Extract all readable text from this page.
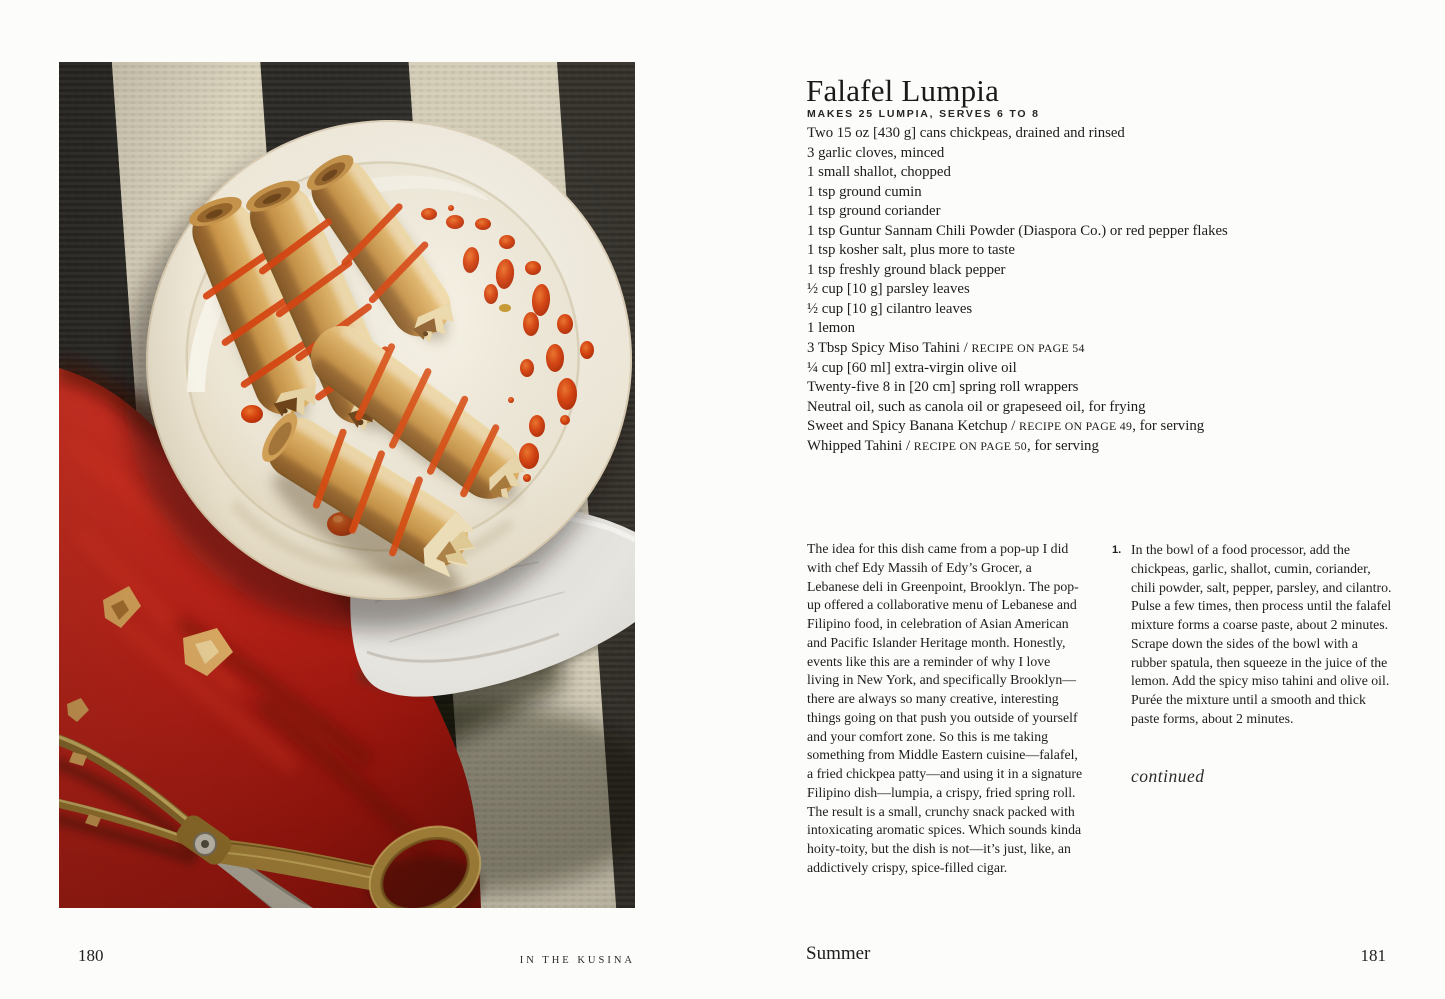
Falafel Lumpia
MAKES 25 LUMPIA, SERVES 6 TO 8
Two 15 oz [430 g] cans chickpeas, drained and rinsed
3 garlic cloves, minced
1 small shallot, chopped
1 tsp ground cumin
1 tsp ground coriander
1 tsp Guntur Sannam Chili Powder (Diaspora Co.) or red pepper flakes
1 tsp kosher salt, plus more to taste
1 tsp freshly ground black pepper
½ cup [10 g] parsley leaves
½ cup [10 g] cilantro leaves
1 lemon
3 Tbsp Spicy Miso Tahini / RECIPE ON PAGE 54
¼ cup [60 ml] extra-virgin olive oil
Twenty-five 8 in [20 cm] spring roll wrappers
Neutral oil, such as canola oil or grapeseed oil, for frying
Sweet and Spicy Banana Ketchup / RECIPE ON PAGE 49, for serving
Whipped Tahini / RECIPE ON PAGE 50, for serving

The idea for this dish came from a pop-up I did with chef Edy Massih of Edy’s Grocer, a Lebanese deli in Greenpoint, Brooklyn. The pop-up offered a collaborative menu of Lebanese and Filipino food, in celebration of Asian American and Pacific Islander Heritage month. Honestly, events like this are a reminder of why I love living in New York, and specifically Brooklyn—there are always so many creative, interesting things going on that push you outside of yourself and your comfort zone. So this is me taking something from Middle Eastern cuisine—falafel, a fried chickpea patty—and using it in a signature Filipino dish—lumpia, a crispy, fried spring roll. The result is a small, crunchy snack packed with intoxicating aromatic spices. Which sounds kinda hoity-toity, but the dish is not—it’s just, like, an addictively crispy, spice-filled cigar.

1. In the bowl of a food processor, add the chickpeas, garlic, shallot, cumin, coriander, chili powder, salt, pepper, parsley, and cilantro. Pulse a few times, then process until the falafel mixture forms a coarse paste, about 2 minutes. Scrape down the sides of the bowl with a rubber spatula, then squeeze in the juice of the lemon. Add the spicy miso tahini and olive oil. Purée the mixture until a smooth and thick paste forms, about 2 minutes.
continued
180	IN THE KUSINA	Summer	181
